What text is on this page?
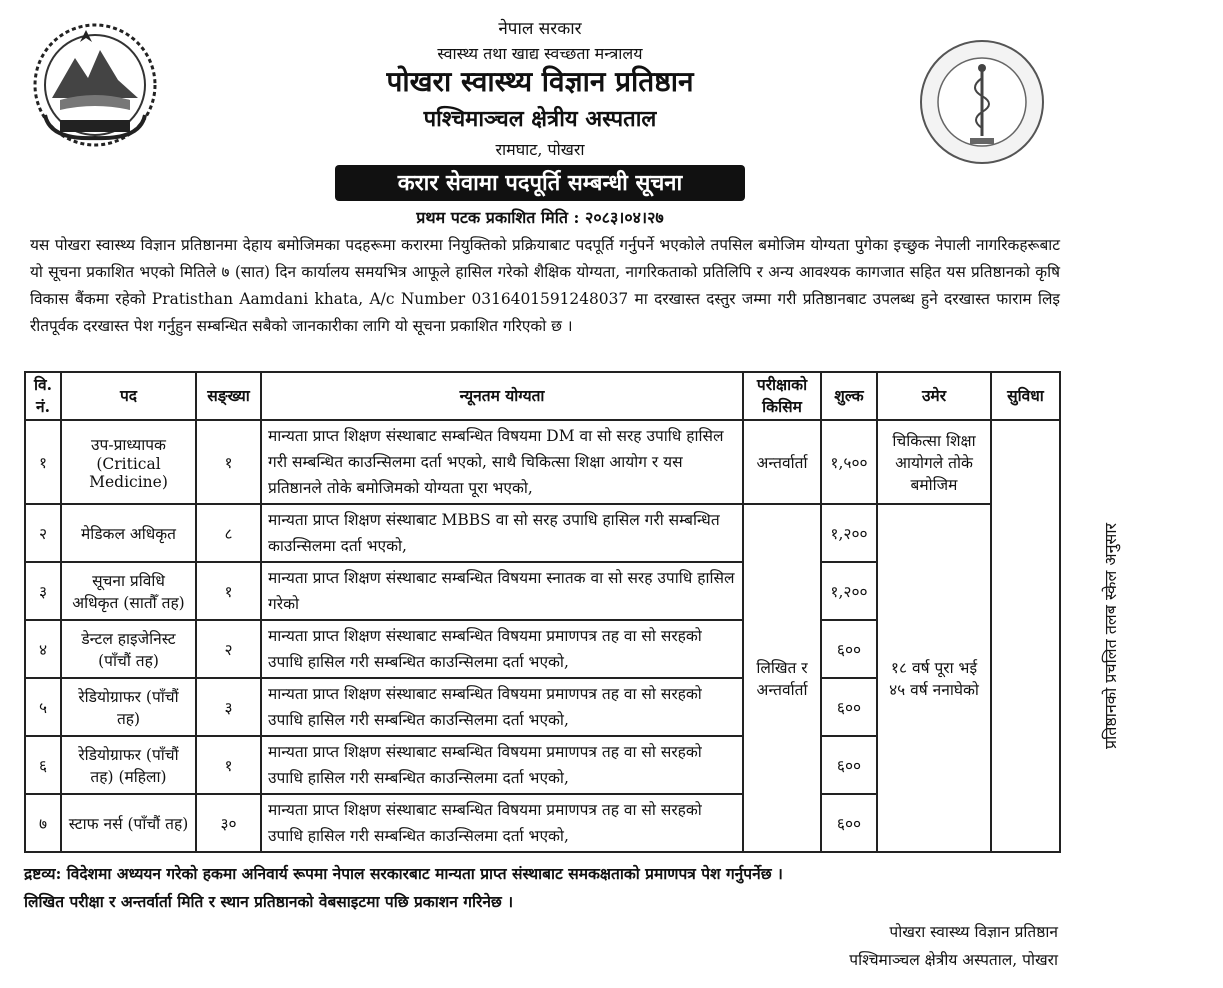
नेपाल सरकार
स्वास्थ्य तथा खाद्य स्वच्छता मन्त्रालय
पोखरा स्वास्थ्य विज्ञान प्रतिष्ठान
पश्चिमाञ्चल क्षेत्रीय अस्पताल
रामघाट, पोखरा
करार सेवामा पदपूर्ति सम्बन्धी सूचना
प्रथम पटक प्रकाशित मिति : २०८३।०४।२७
यस पोखरा स्वास्थ्य विज्ञान प्रतिष्ठानमा देहाय बमोजिमका पदहरूमा करारमा नियुक्तिको प्रक्रियाबाट पदपूर्ति गर्नुपर्ने भएकोले तपसिल बमोजिम योग्यता पुगेका इच्छुक नेपाली नागरिकहरूबाट यो सूचना प्रकाशित भएको मितिले ७ (सात) दिन कार्यालय समयभित्र आफूले हासिल गरेको शैक्षिक योग्यता, नागरिकताको प्रतिलिपि र अन्य आवश्यक कागजात सहित यस प्रतिष्ठानको कृषि विकास बैंकमा रहेको Pratisthan Aamdani khata, A/c Number 0316401591248037 मा दरखास्त दस्तुर जम्मा गरी प्रतिष्ठानबाट उपलब्ध हुने दरखास्त फाराम लिइ रीतपूर्वक दरखास्त पेश गर्नुहुन सम्बन्धित सबैको जानकारीका लागि यो सूचना प्रकाशित गरिएको छ ।
वि. नं.	पद	सङ्ख्या	न्यूनतम योग्यता	परीक्षाको किसिम	शुल्क	उमेर	सुविधा
१	उप-प्राध्यापक (Critical Medicine)	१	मान्यता प्राप्त शिक्षण संस्थाबाट सम्बन्धित विषयमा DM वा सो सरह उपाधि हासिल गरी सम्बन्धित काउन्सिलमा दर्ता भएको, साथै चिकित्सा शिक्षा आयोग र यस प्रतिष्ठानले तोके बमोजिमको योग्यता पूरा भएको,	अन्तर्वार्ता	१,५००	चिकित्सा शिक्षा आयोगले तोके बमोजिम	प्रतिष्ठानको प्रचलित तलब स्केल अनुसार
२	मेडिकल अधिकृत	८	मान्यता प्राप्त शिक्षण संस्थाबाट MBBS वा सो सरह उपाधि हासिल गरी सम्बन्धित काउन्सिलमा दर्ता भएको,	लिखित र अन्तर्वार्ता	१,२००	१८ वर्ष पूरा भई ४५ वर्ष ननाघेको	
३	सूचना प्रविधि अधिकृत (सातौँ तह)	१	मान्यता प्राप्त शिक्षण संस्थाबाट सम्बन्धित विषयमा स्नातक वा सो सरह उपाधि हासिल गरेको		१,२००		
४	डेन्टल हाइजेनिस्ट (पाँचौं तह)	२	मान्यता प्राप्त शिक्षण संस्थाबाट सम्बन्धित विषयमा प्रमाणपत्र तह वा सो सरहको उपाधि हासिल गरी सम्बन्धित काउन्सिलमा दर्ता भएको,		६००		
५	रेडियोग्राफर (पाँचौं तह)	३	मान्यता प्राप्त शिक्षण संस्थाबाट सम्बन्धित विषयमा प्रमाणपत्र तह वा सो सरहको उपाधि हासिल गरी सम्बन्धित काउन्सिलमा दर्ता भएको,		६००		
६	रेडियोग्राफर (पाँचौं तह) (महिला)	१	मान्यता प्राप्त शिक्षण संस्थाबाट सम्बन्धित विषयमा प्रमाणपत्र तह वा सो सरहको उपाधि हासिल गरी सम्बन्धित काउन्सिलमा दर्ता भएको,		६००		
७	स्टाफ नर्स (पाँचौं तह)	३०	मान्यता प्राप्त शिक्षण संस्थाबाट सम्बन्धित विषयमा प्रमाणपत्र तह वा सो सरहको उपाधि हासिल गरी सम्बन्धित काउन्सिलमा दर्ता भएको,		६००		
द्रष्टव्य: विदेशमा अध्ययन गरेको हकमा अनिवार्य रूपमा नेपाल सरकारबाट मान्यता प्राप्त संस्थाबाट समकक्षताको प्रमाणपत्र पेश गर्नुपर्नेछ ।
लिखित परीक्षा र अन्तर्वार्ता मिति र स्थान प्रतिष्ठानको वेबसाइटमा पछि प्रकाशन गरिनेछ ।
पोखरा स्वास्थ्य विज्ञान प्रतिष्ठान
पश्चिमाञ्चल क्षेत्रीय अस्पताल, पोखरा
